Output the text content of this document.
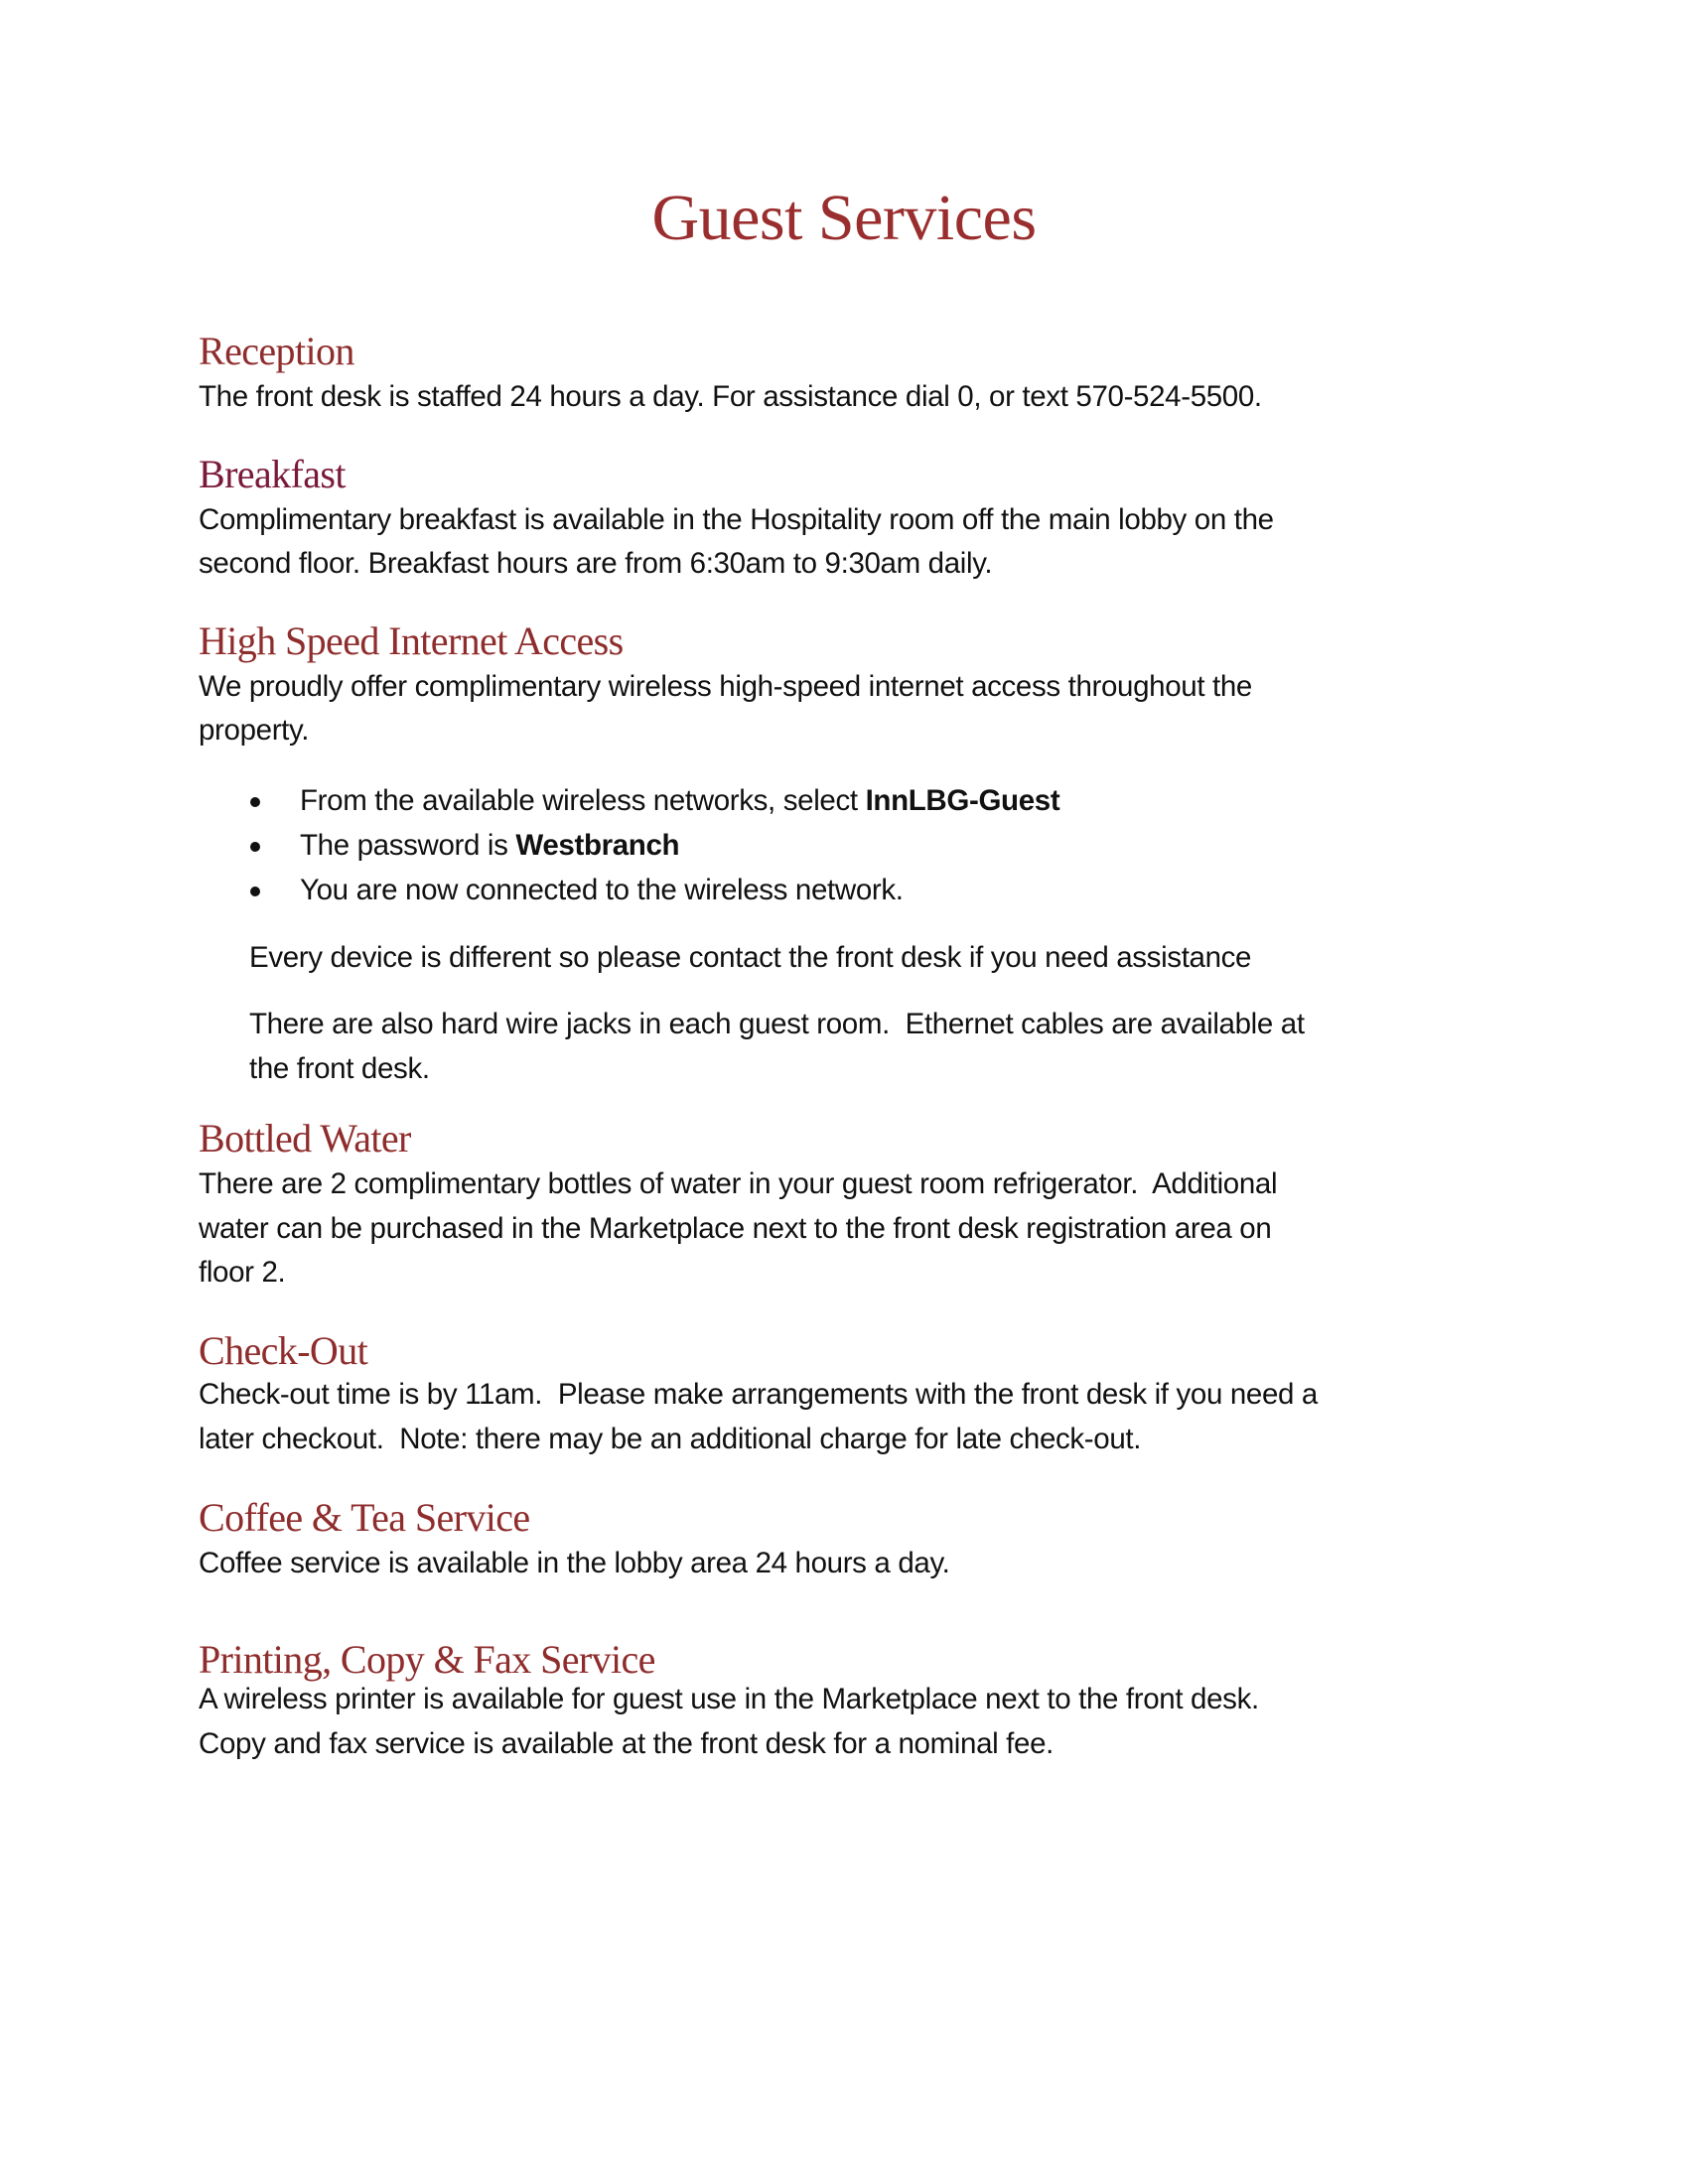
Guest Services
Reception

The front desk is staffed 24 hours a day. For assistance dial 0, or text 570-524-5500.

Breakfast

Complimentary breakfast is available in the Hospitality room off the main lobby on the

second floor. Breakfast hours are from 6:30am to 9:30am daily.

High Speed Internet Access

We proudly offer complimentary wireless high-speed internet access throughout the

property.

From the available wireless networks, select InnLBG-Guest

The password is Westbranch

You are now connected to the wireless network.

Every device is different so please contact the front desk if you need assistance

There are also hard wire jacks in each guest room.  Ethernet cables are available at

the front desk.

Bottled Water

There are 2 complimentary bottles of water in your guest room refrigerator.  Additional

water can be purchased in the Marketplace next to the front desk registration area on

floor 2.

Check-Out

Check-out time is by 11am.  Please make arrangements with the front desk if you need a

later checkout.  Note: there may be an additional charge for late check-out.

Coffee & Tea Service

Coffee service is available in the lobby area 24 hours a day.

Printing, Copy & Fax Service

A wireless printer is available for guest use in the Marketplace next to the front desk.

Copy and fax service is available at the front desk for a nominal fee.
